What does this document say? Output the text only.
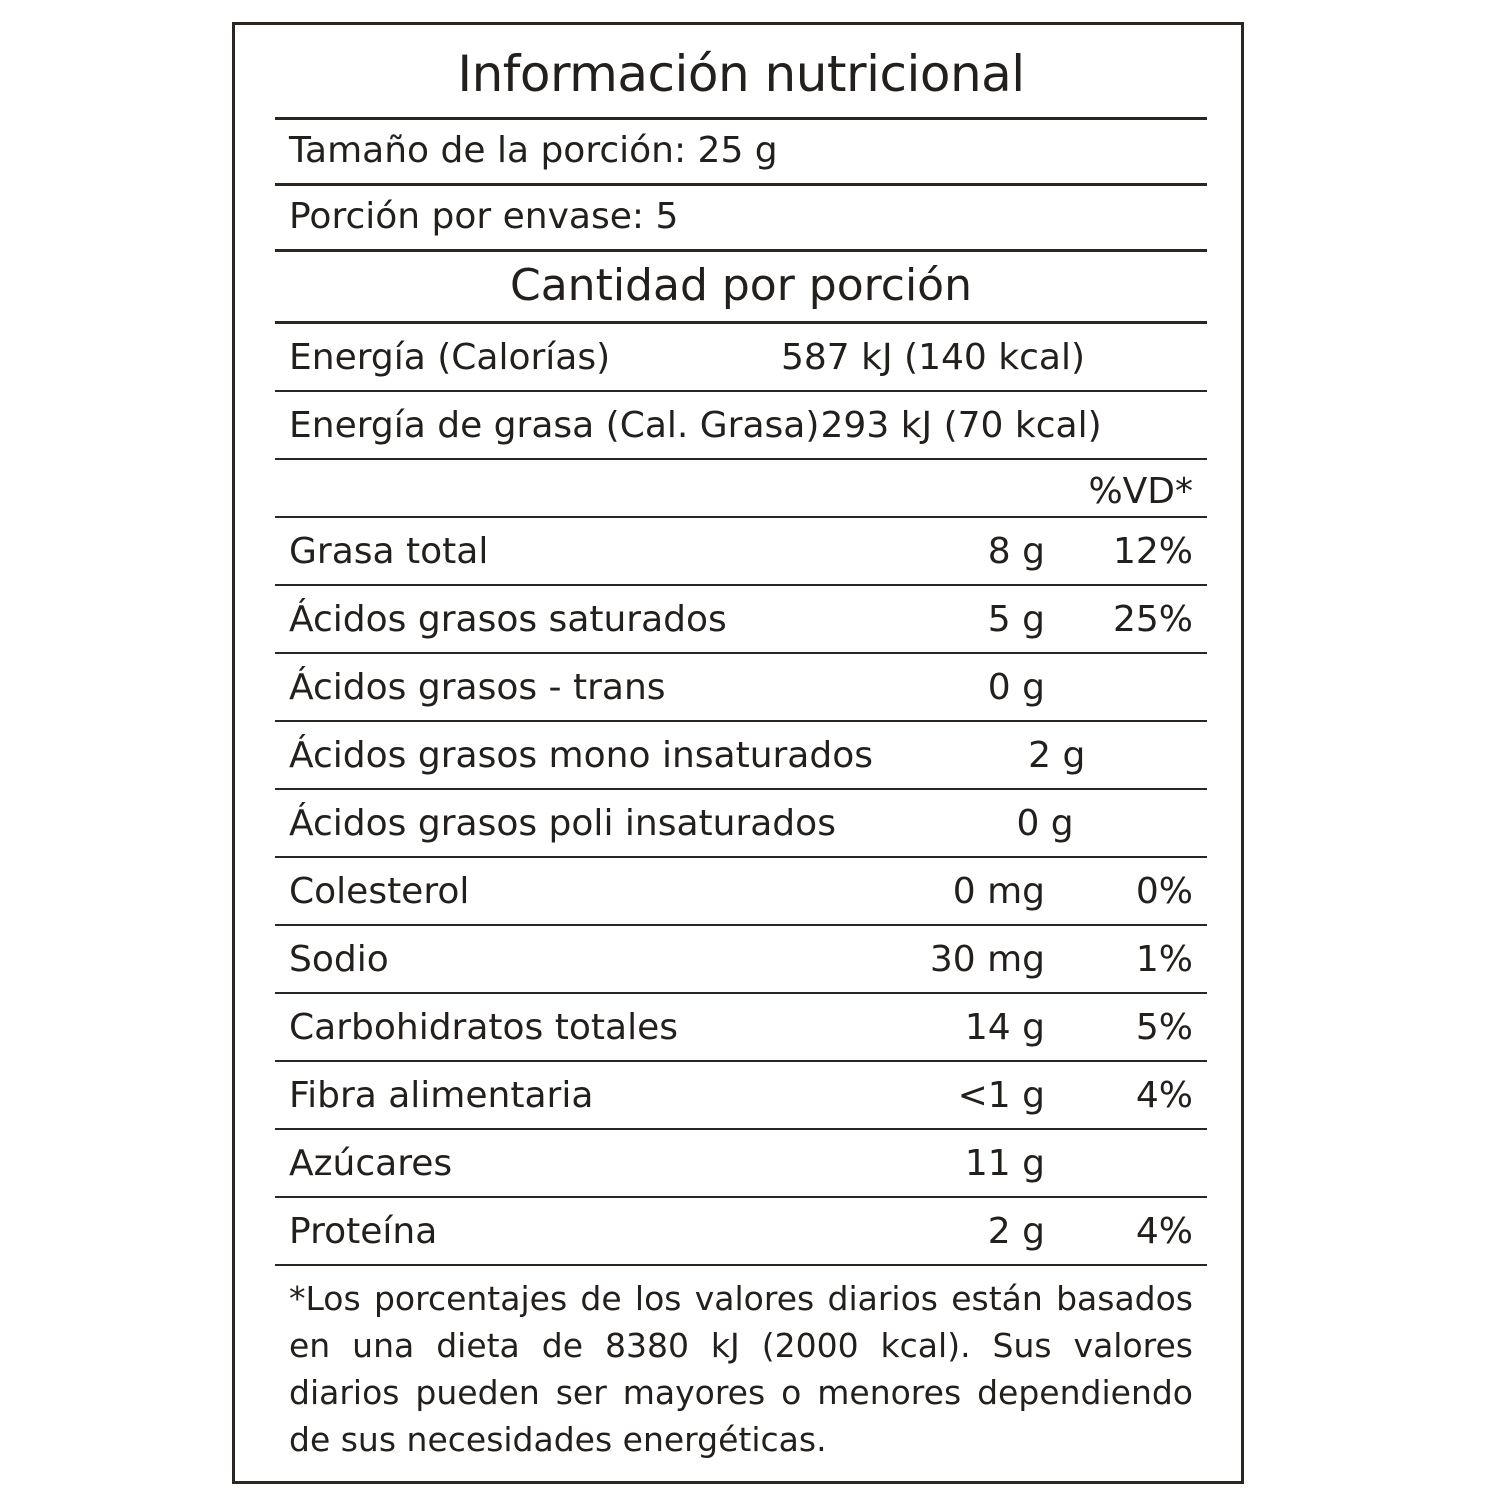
Información nutricional
Tamaño de la porción: 25 g
Porción por envase: 5
Cantidad por porción
Energía (Calorías)	587 kJ (140 kcal)
Energía de grasa (Cal. Grasa) 293 kJ (70 kcal)
%VD*
Grasa total	8 g	12%
Ácidos grasos saturados	5 g	25%
Ácidos grasos - trans	0 g
Ácidos grasos mono insaturados	2 g
Ácidos grasos poli insaturados	0 g
Colesterol	0 mg	0%
Sodio	30 mg	1%
Carbohidratos totales	14 g	5%
Fibra alimentaria	<1 g	4%
Azúcares	11 g
Proteína	2 g	4%
*Los porcentajes de los valores diarios están basados en una dieta de 8380 kJ (2000 kcal). Sus valores diarios pueden ser mayores o menores dependiendo de sus necesidades energéticas.
